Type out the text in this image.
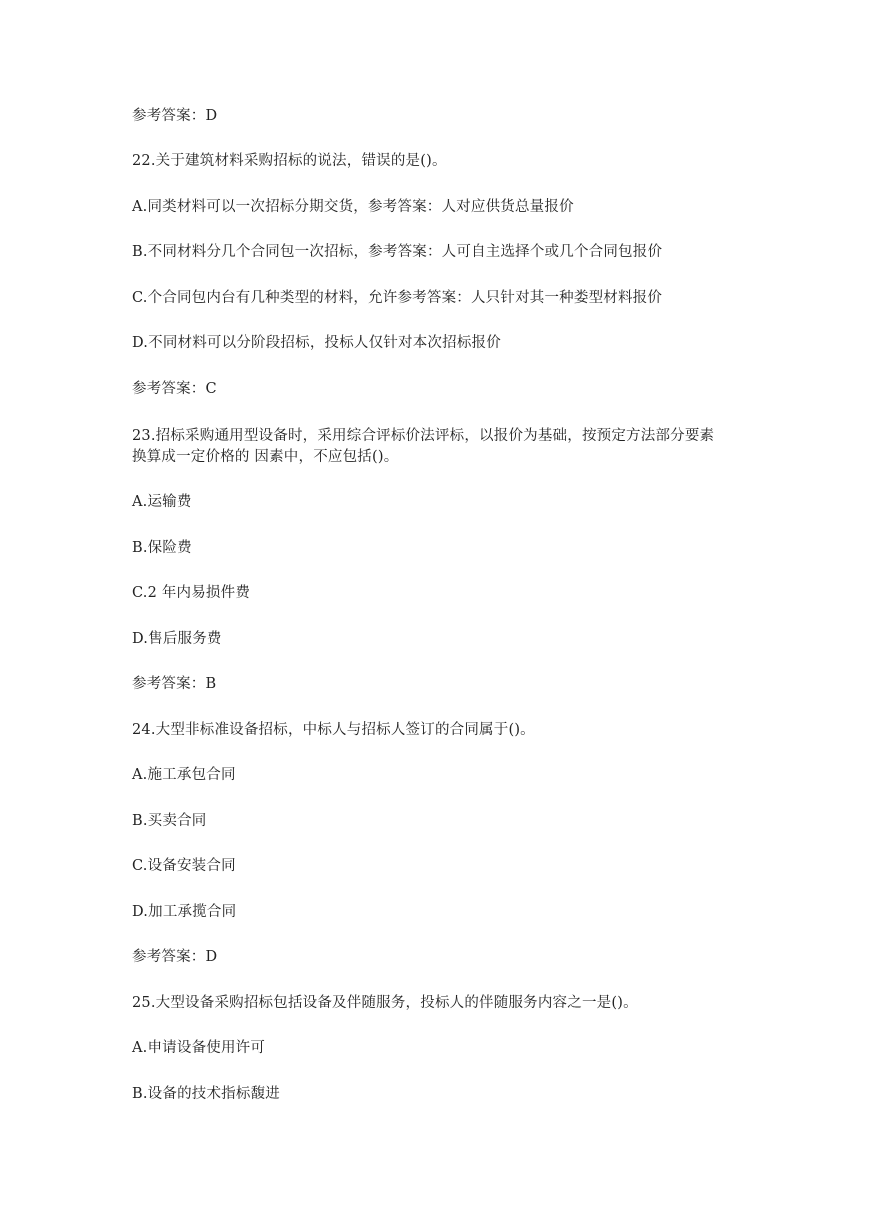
参考答案：D
22.关于建筑材料采购招标的说法，错误的是()。
A.同类材料可以一次招标分期交货，参考答案：人对应供货总量报价
B.不同材料分几个合同包一次招标，参考答案：人可自主选择个或几个合同包报价
C.个合同包内台有几种类型的材料，允许参考答案：人只针对其一种娄型材料报价
D.不同材料可以分阶段招标，投标人仅针对本次招标报价
参考答案：C
23.招标采购通用型设备时，采用综合评标价法评标，以报价为基础，按预定方法部分要素
换算成一定价格的 因素中，不应包括()。
A.运输费
B.保险费
C.2 年内易损件费
D.售后服务费
参考答案：B
24.大型非标准设备招标，中标人与招标人签订的合同属于()。
A.施工承包合同
B.买卖合同
C.设备安装合同
D.加工承揽合同
参考答案：D
25.大型设备采购招标包括设备及伴随服务，投标人的伴随服务内容之一是()。
A.申请设备使用许可
B.设备的技术指标馥进
